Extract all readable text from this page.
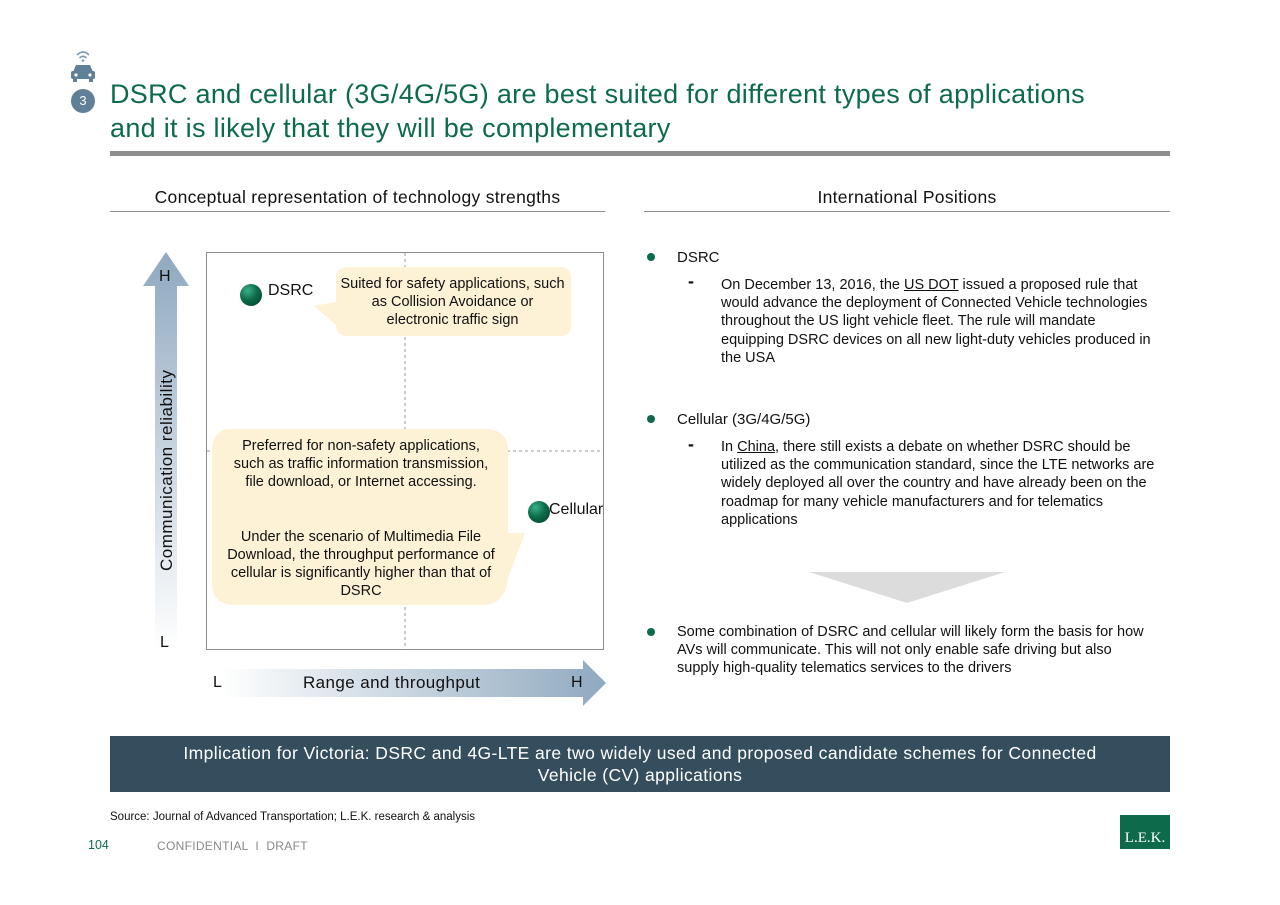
3 DSRC and cellular (3G/4G/5G) are best suited for different types of applications
and it is likely that they will be complementary
Conceptual representation of technology strengths	International Positions
H
L
Communication reliability
L	H
Range and throughput
DSRC
Cellular
Suited for safety applications, such as Collision Avoidance or electronic traffic sign
Preferred for non-safety applications, such as traffic information transmission, file download, or Internet accessing.
Under the scenario of Multimedia File Download, the throughput performance of cellular is significantly higher than that of DSRC
DSRC
- On December 13, 2016, the US DOT issued a proposed rule that would advance the deployment of Connected Vehicle technologies throughout the US light vehicle fleet. The rule will mandate equipping DSRC devices on all new light-duty vehicles produced in the USA
Cellular (3G/4G/5G)
- In China, there still exists a debate on whether DSRC should be utilized as the communication standard, since the LTE networks are widely deployed all over the country and have already been on the roadmap for many vehicle manufacturers and for telematics applications
Some combination of DSRC and cellular will likely form the basis for how AVs will communicate. This will not only enable safe driving but also supply high-quality telematics services to the drivers
Implication for Victoria: DSRC and 4G-LTE are two widely used and proposed candidate schemes for Connected
Vehicle (CV) applications
Source: Journal of Advanced Transportation; L.E.K. research & analysis
104	CONFIDENTIAL  I  DRAFT	L.E.K.
